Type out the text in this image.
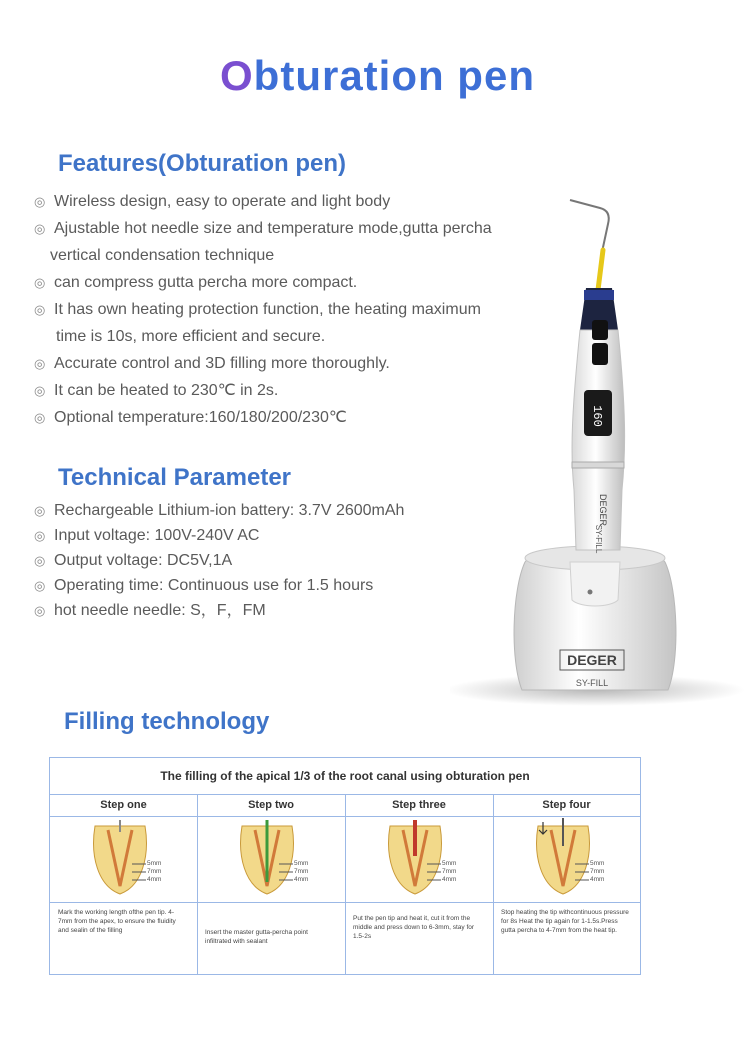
Obturation pen
Features(Obturation pen)
◎ Wireless design, easy to operate and light body
◎ Ajustable hot needle size and temperature mode,gutta percha
vertical condensation technique
◎ can compress gutta percha more compact.
◎ It has own heating protection function, the heating maximum
time is 10s, more efficient and secure.
◎ Accurate control and 3D filling more thoroughly.
◎ It can be heated to 230℃ in 2s.
◎ Optional temperature:160/180/200/230℃
Technical Parameter
◎ Rechargeable Lithium-ion battery: 3.7V 2600mAh
◎ Input voltage: 100V-240V AC
◎ Output voltage: DC5V,1A
◎ Operating time: Continuous use for 1.5 hours
◎ hot needle needle: S，F，FM
DEGER
SY-FILL
160
DEGER
SY-FILL
Filling technology
The filling of the apical 1/3 of the root canal using obturation pen
Step one
5mm
7mm
4mm
Mark the working length ofthe pen tip. 4-7mm from the apex, to ensure the fluidity and sealin of the filling
Step two
5mm
7mm
4mm
Insert the master gutta-percha point infiltrated with sealant
Step three
5mm
7mm
4mm
Put the pen tip and heat it, cut it from the middle and press down to 6-3mm, stay for 1.5-2s
Step four
5mm
7mm
4mm
Stop heating the tip withcontinuous pressure for 8s Heat the tip again for 1-1.5s.Press gutta percha to 4-7mm from the heat tip.
